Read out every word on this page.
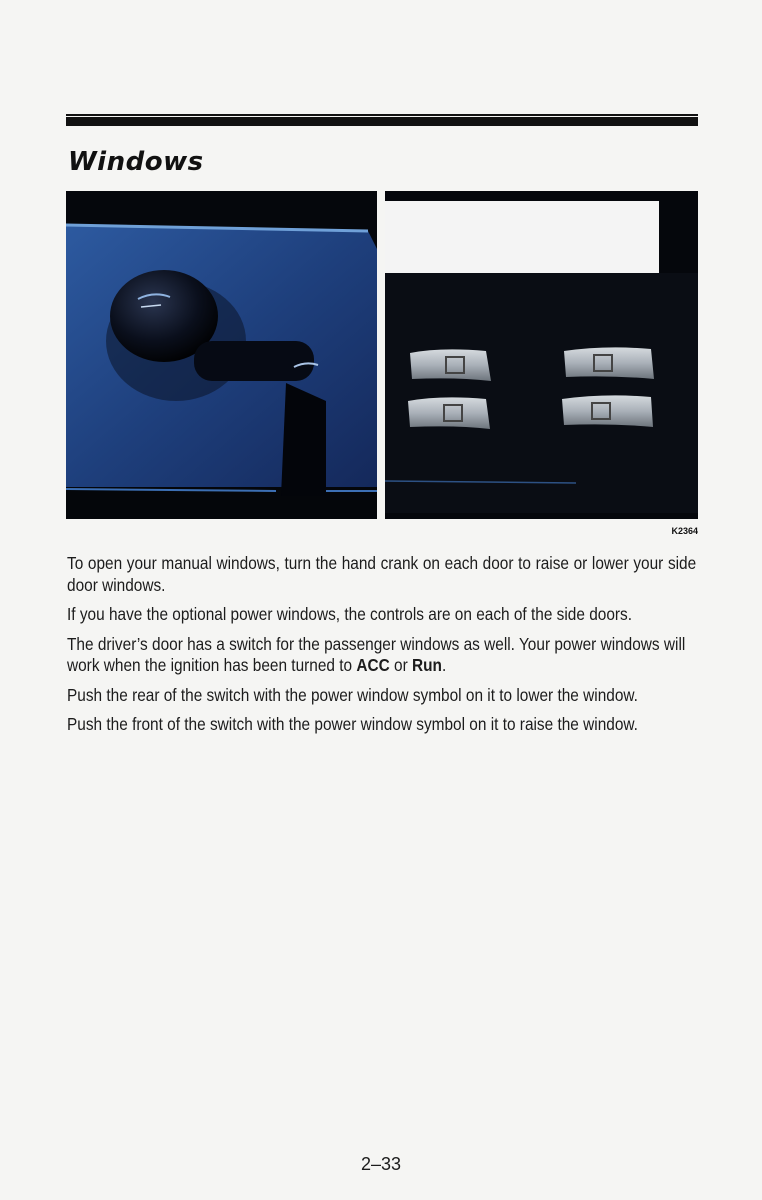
Windows
K2364

To open your manual windows, turn the hand crank on each door to raise or lower your side door windows.

If you have the optional power windows, the controls are on each of the side doors.

The driver’s door has a switch for the passenger windows as well. Your power windows will work when the ignition has been turned to ACC or Run.

Push the rear of the switch with the power window symbol on it to lower the window.

Push the front of the switch with the power window symbol on it to raise the window.

2–33
